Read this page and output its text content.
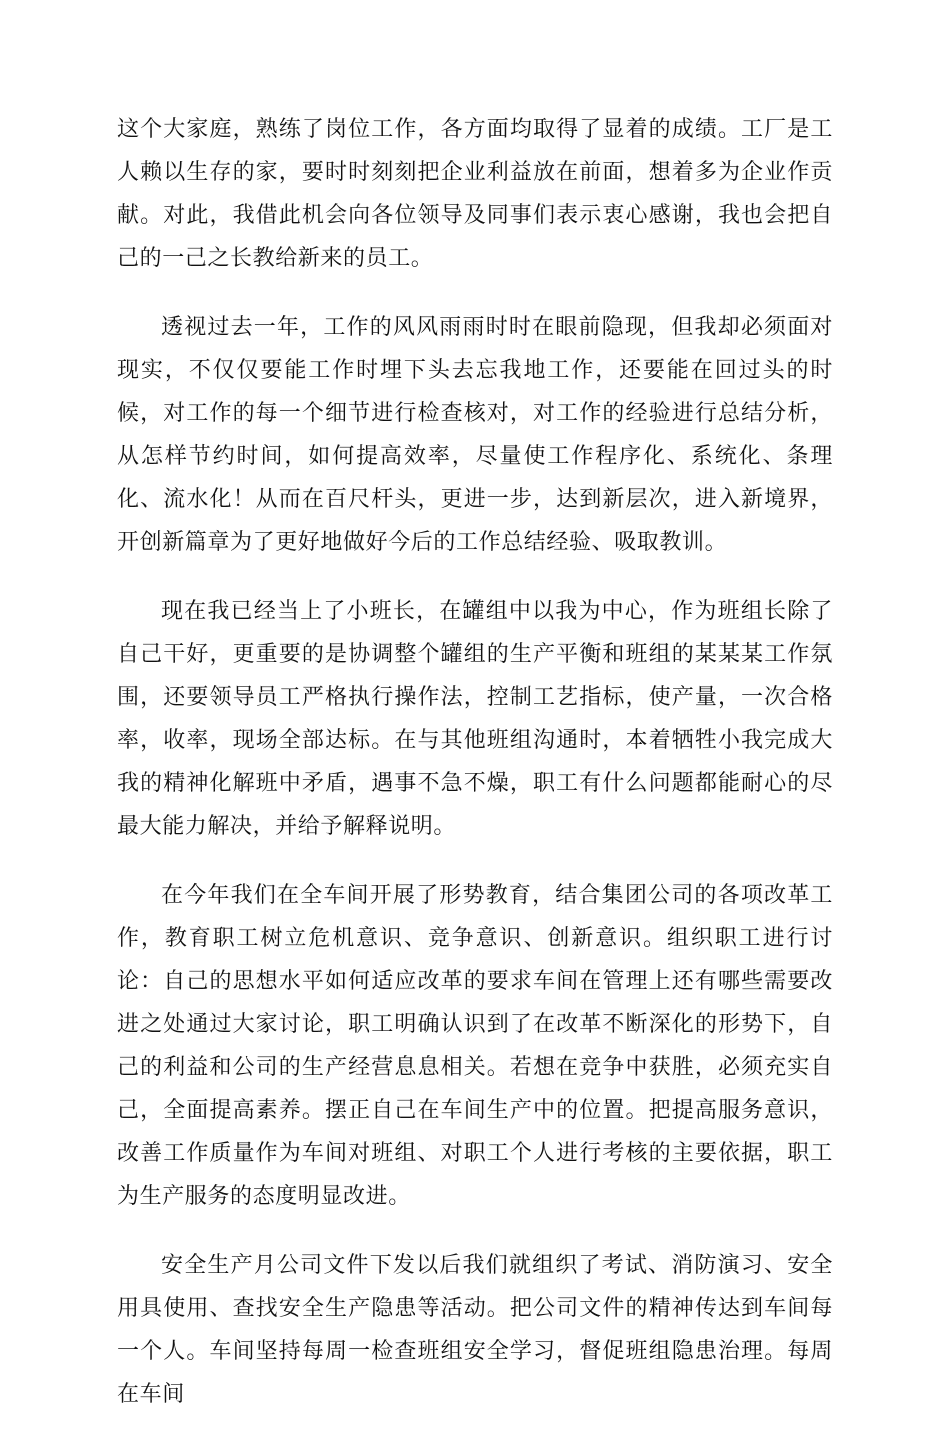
这个大家庭，熟练了岗位工作，各方面均取得了显着的成绩。工厂是工人赖以生存的家，要时时刻刻把企业利益放在前面，想着多为企业作贡献。对此，我借此机会向各位领导及同事们表示衷心感谢，我也会把自己的一己之长教给新来的员工。

透视过去一年，工作的风风雨雨时时在眼前隐现，但我却必须面对现实，不仅仅要能工作时埋下头去忘我地工作，还要能在回过头的时候，对工作的每一个细节进行检查核对，对工作的经验进行总结分析，从怎样节约时间，如何提高效率，尽量使工作程序化、系统化、条理化、流水化！从而在百尺杆头，更进一步，达到新层次，进入新境界，开创新篇章为了更好地做好今后的工作总结经验、吸取教训。

现在我已经当上了小班长，在罐组中以我为中心，作为班组长除了自己干好，更重要的是协调整个罐组的生产平衡和班组的某某某工作氛围，还要领导员工严格执行操作法，控制工艺指标，使产量，一次合格率，收率，现场全部达标。在与其他班组沟通时，本着牺牲小我完成大我的精神化解班中矛盾，遇事不急不燥，职工有什么问题都能耐心的尽最大能力解决，并给予解释说明。

在今年我们在全车间开展了形势教育，结合集团公司的各项改革工作，教育职工树立危机意识、竞争意识、创新意识。组织职工进行讨论：自己的思想水平如何适应改革的要求车间在管理上还有哪些需要改进之处通过大家讨论，职工明确认识到了在改革不断深化的形势下，自己的利益和公司的生产经营息息相关。若想在竞争中获胜，必须充实自己，全面提高素养。摆正自己在车间生产中的位置。把提高服务意识，改善工作质量作为车间对班组、对职工个人进行考核的主要依据，职工为生产服务的态度明显改进。

安全生产月公司文件下发以后我们就组织了考试、消防演习、安全用具使用、查找安全生产隐患等活动。把公司文件的精神传达到车间每一个人。车间坚持每周一检查班组安全学习，督促班组隐患治理。每周在车间
